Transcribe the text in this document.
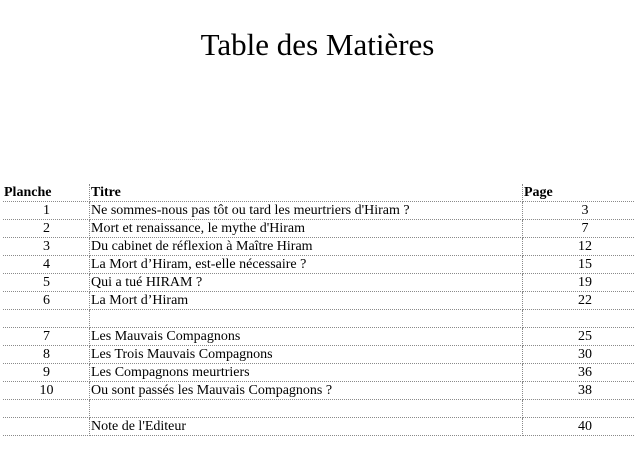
Table des Matières
Planche	Titre	Page
1	Ne sommes-nous pas tôt ou tard les meurtriers d'Hiram ?	3
2	Mort et renaissance, le mythe d'Hiram	7
3	Du cabinet de réflexion à Maître Hiram	12
4	La Mort d’Hiram, est-elle nécessaire ?	15
5	Qui a tué HIRAM ?	19
6	La Mort d’Hiram	22

7	Les Mauvais Compagnons	25
8	Les Trois Mauvais Compagnons	30
9	Les Compagnons meurtriers	36
10	Ou sont passés les Mauvais Compagnons ?	38

	Note de l'Editeur	40
